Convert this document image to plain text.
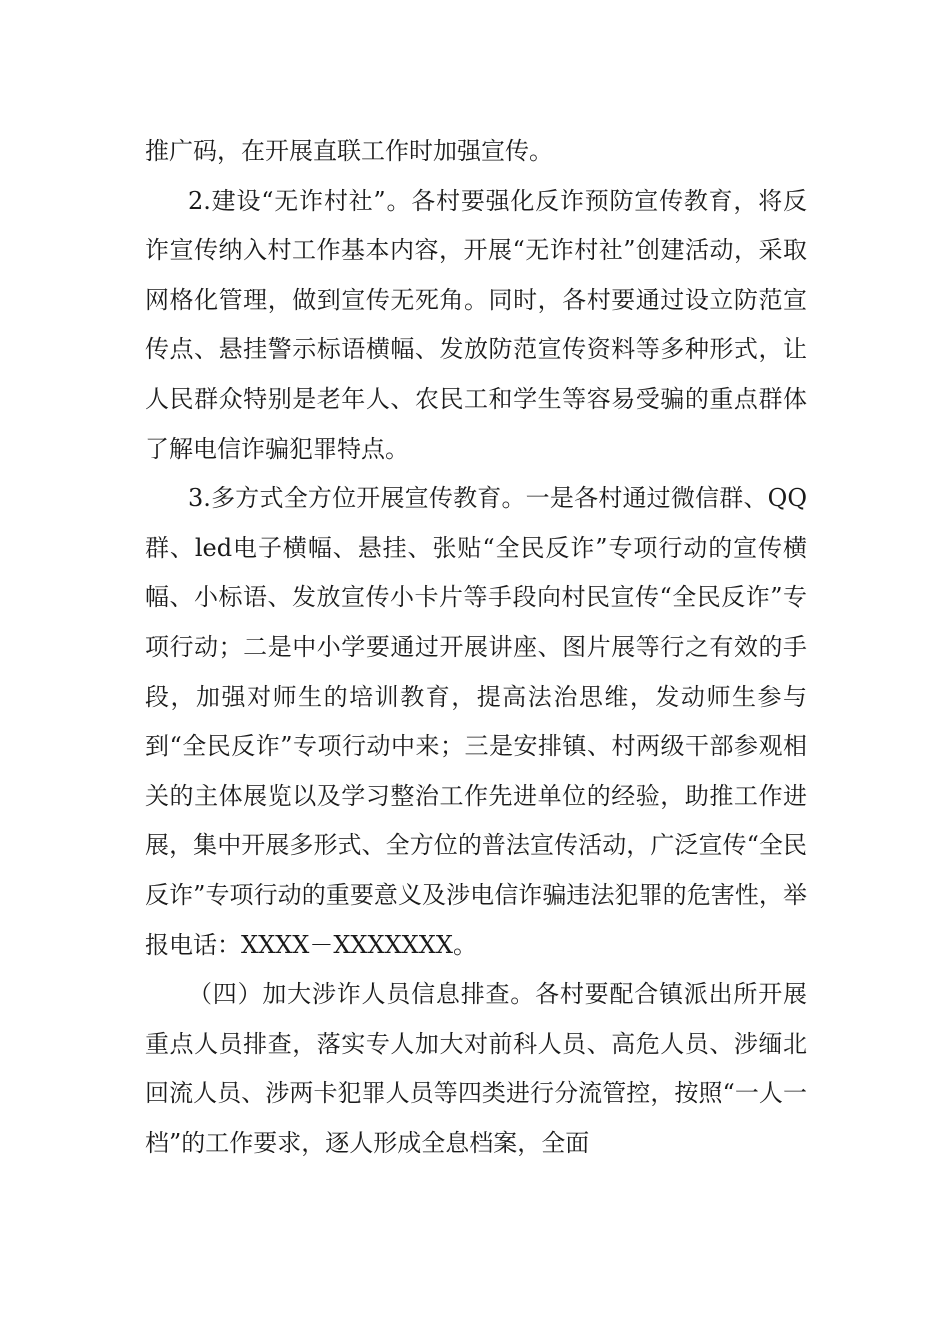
推广码，在开展直联工作时加强宣传。

2.建设“无诈村社”。各村要强化反诈预防宣传教育，将反诈宣传纳入村工作基本内容，开展“无诈村社”创建活动，采取网格化管理，做到宣传无死角。同时，各村要通过设立防范宣传点、悬挂警示标语横幅、发放防范宣传资料等多种形式，让人民群众特别是老年人、农民工和学生等容易受骗的重点群体了解电信诈骗犯罪特点。

3.多方式全方位开展宣传教育。一是各村通过微信群、QQ群、led电子横幅、悬挂、张贴“全民反诈”专项行动的宣传横幅、小标语、发放宣传小卡片等手段向村民宣传“全民反诈”专项行动；二是中小学要通过开展讲座、图片展等行之有效的手段，加强对师生的培训教育，提高法治思维，发动师生参与到“全民反诈”专项行动中来；三是安排镇、村两级干部参观相关的主体展览以及学习整治工作先进单位的经验，助推工作进展，集中开展多形式、全方位的普法宣传活动，广泛宣传“全民反诈”专项行动的重要意义及涉电信诈骗违法犯罪的危害性，举报电话：XXXX－XXXXXXX。

（四）加大涉诈人员信息排查。各村要配合镇派出所开展重点人员排查，落实专人加大对前科人员、高危人员、涉缅北回流人员、涉两卡犯罪人员等四类进行分流管控，按照“一人一档”的工作要求，逐人形成全息档案，全面
